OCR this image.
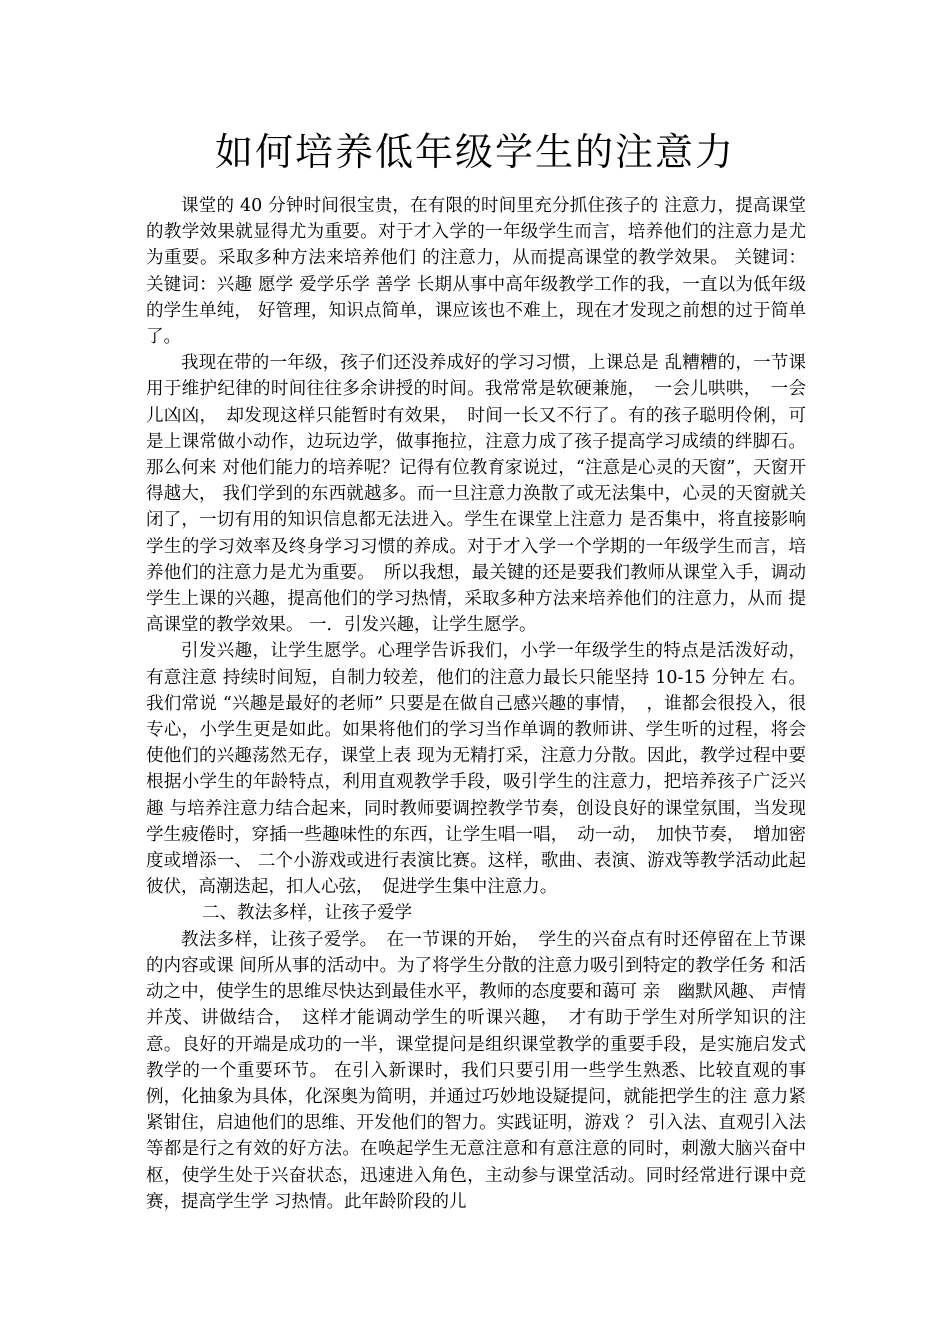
如何培养低年级学生的注意力

课堂的 40 分钟时间很宝贵，在有限的时间里充分抓住孩子的 注意力，提高课堂的教学效果就显得尤为重要。对于才入学的一年级学生而言，培养他们的注意力是尤为重要。采取多种方法来培养他们 的注意力，从而提高课堂的教学效果。 关键词： 关键词：兴趣 愿学 爱学乐学 善学 长期从事中高年级教学工作的我，一直以为低年级的学生单纯， 好管理，知识点简单，课应该也不难上，现在才发现之前想的过于简单了。

我现在带的一年级，孩子们还没养成好的学习习惯，上课总是 乱糟糟的，一节课用于维护纪律的时间往往多余讲授的时间。我常常是软硬兼施，　一会儿哄哄，　一会儿凶凶，　却发现这样只能暂时有效果，　时间一长又不行了。有的孩子聪明伶俐，可是上课常做小动作，边玩边学，做事拖拉，注意力成了孩子提高学习成绩的绊脚石。那么何来 对他们能力的培养呢？记得有位教育家说过，“注意是心灵的天窗”，天窗开得越大， 我们学到的东西就越多。而一旦注意力涣散了或无法集中，心灵的天窗就关闭了，一切有用的知识信息都无法进入。学生在课堂上注意力 是否集中，将直接影响学生的学习效率及终身学习习惯的养成。对于才入学一个学期的一年级学生而言，培养他们的注意力是尤为重要。　所以我想，最关键的还是要我们教师从课堂入手，调动学生上课的兴趣，提高他们的学习热情，采取多种方法来培养他们的注意力，从而 提高课堂的教学效果。 一．引发兴趣，让学生愿学。

引发兴趣，让学生愿学。心理学告诉我们，小学一年级学生的特点是活泼好动，有意注意 持续时间短，自制力较差，他们的注意力最长只能坚持 10-15 分钟左 右。我们常说 “兴趣是最好的老师” 只要是在做自己感兴趣的事情，　，谁都会很投入，很专心，小学生更是如此。如果将他们的学习当作单调的教师讲、学生听的过程，将会使他们的兴趣荡然无存，课堂上表 现为无精打采，注意力分散。因此，教学过程中要根据小学生的年龄特点，利用直观教学手段，吸引学生的注意力，把培养孩子广泛兴趣 与培养注意力结合起来，同时教师要调控教学节奏，创设良好的课堂氛围，当发现学生疲倦时，穿插一些趣味性的东西，让学生唱一唱，　动一动，　加快节奏，　增加密度或增添一、 二个小游戏或进行表演比赛。这样，歌曲、表演、游戏等教学活动此起彼伏，高潮迭起，扣人心弦，　促进学生集中注意力。

二、教法多样，让孩子爱学

教法多样，让孩子爱学。　在一节课的开始，　学生的兴奋点有时还停留在上节课的内容或课 间所从事的活动中。为了将学生分散的注意力吸引到特定的教学任务 和活动之中，使学生的思维尽快达到最佳水平，教师的态度要和蔼可 亲　幽默风趣、 声情并茂、讲做结合，　这样才能调动学生的听课兴趣，　才有助于学生对所学知识的注意。良好的开端是成功的一半，课堂提问是组织课堂教学的重要手段，是实施启发式教学的一个重要环节。 在引入新课时，我们只要引用一些学生熟悉、比较直观的事例，化抽象为具体，化深奥为简明，并通过巧妙地设疑提问，就能把学生的注 意力紧紧钳住，启迪他们的思维、开发他们的智力。实践证明，游戏 ？ 引入法、直观引入法等都是行之有效的好方法。在唤起学生无意注意和有意注意的同时，刺激大脑兴奋中枢，使学生处于兴奋状态，迅速进入角色，主动参与课堂活动。同时经常进行课中竞赛，提高学生学 习热情。此年龄阶段的儿
